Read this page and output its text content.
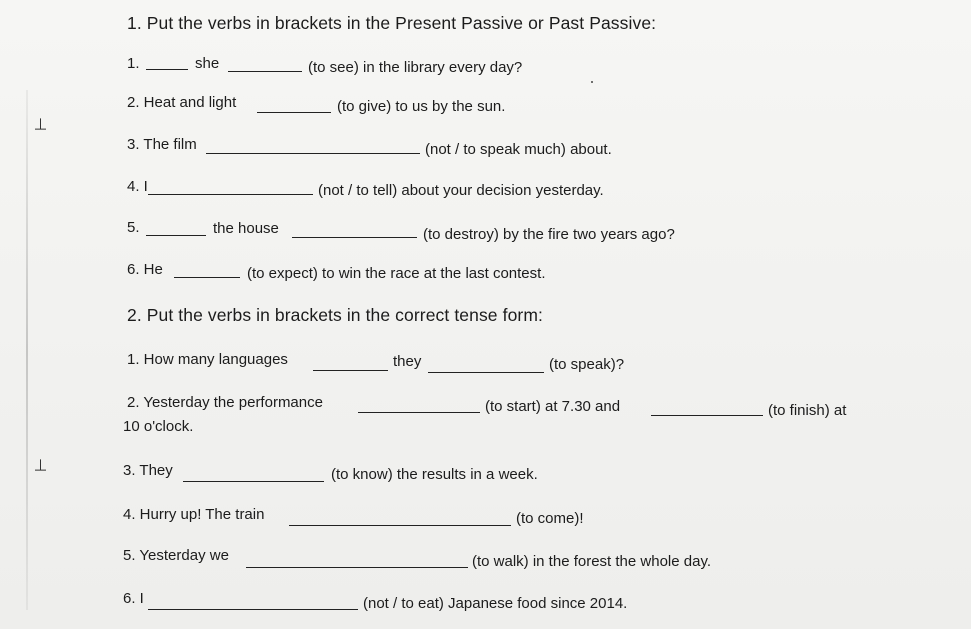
⊢
⊢
1. Put the verbs in brackets in the Present Passive or Past Passive:
1.	she	(to see) in the library every day?
2. Heat and light	(to give) to us by the sun.
3. The film	(not / to speak much) about.
4. I	(not / to tell) about your decision yesterday.
5.	the house	(to destroy) by the fire two years ago?
6. He	(to expect) to win the race at the last contest.
2. Put the verbs in brackets in the correct tense form:
1. How many languages	they	(to speak)?
2. Yesterday the performance	(to start) at 7.30 and	(to finish) at
10 o'clock.
3. They	(to know) the results in a week.
4. Hurry up! The train	(to come)!
5. Yesterday we	(to walk) in the forest the whole day.
6. I	(not / to eat) Japanese food since 2014.
